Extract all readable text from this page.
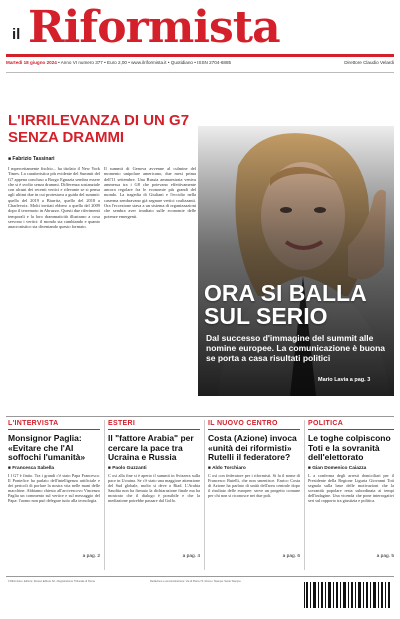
il Riformista
Martedì 18 giugno 2024 • Anno VI numero 377 • Euro 2,00 • www.ilriformista.it • Quotidiano • ISSN 2704-6885	Direttore Claudio Velardi
L'IRRILEVANZA DI UN G7 SENZA DRAMMI
■ Fabrizio Tassinari
I mpercettamente fischio... ha titolato il New York Times. La caratteristica più evidente del Summit del G7 appena concluso a Borgo Egnazia sembra essere che si è svolto senza drammi. Differenza sostanziale con alcuni dei recenti vertici e rilevante se si pensa agli ultimi due in cui protestava a guida del summit: quello del 2019 a Biarritz, quello del 2018 a Charlevoix. Molti invitati ebbero a quella del 2009 dopo il terremoto in Abruzzo. Questi due riferimenti temporali e la loro drammaticità illustrano a cosa servono i vertici: il mondo sta cambiando e quanto anacronistico sta diventando questo formato.
Il summit di Genova avvenne al culmine del momento unipolare americano, due mesi prima dell'11 settembre. Una Russia ammaestrata veniva ammessa tra i G8 che potevano effettivamente ancora regolare fra le economie più grandi del mondo. La tragedia di Giuliani e l'eccidio nella caserma sembravano già segnare vertici coalizzanti. Ora l'eccezione stava a un sistema di organizzazioni che sembra aver irradiato sulle economie delle potenze emergenti.
ORA SI BALLA SUL SERIO
Dal successo d'immagine del summit alle nomine europee. La comunicazione è buona se porta a casa risultati politici
Mario Lavia a pag. 3
L'INTERVISTA
Monsignor Paglia: «Evitare che l'AI soffochi l'umanità»
■ Francesca Sabella
I l G7 è finito. Tra i grandi c'è stato Papa Francesco. Il Pontefice ha parlato dell'intelligenza artificiale e dei pericoli di porlare la nostra vita nelle mani delle macchine. Abbiamo chiesto all'arcivescovo Vincenzo Paglia un commento sul vertice e sul messaggio del Papa: l'uomo non può delegare tutto alla tecnologia.
a pag. 2
ESTERI
Il "fattore Arabia" per cercare la pace tra Ucraina e Russia
■ Paolo Guzzanti
C osì alla fine si è aperto il summit in Svizzera sulla pace in Ucraina. Se c'è stato una maggiore attenzione del Sud globale, molto si deve a Riad. L'Arabia Saudita non ha firmato la dichiarazione finale ma ha mostrato che il dialogo è possibile e che la mediazione potrebbe passare dal Golfo.
a pag. 4
IL NUOVO CENTRO
Costa (Azione) invoca «unità dei riformisti» Rutelli il federatore?
■ Aldo Torchiaro
C osì con federatore per i riformisti. Si fa il nome di Francesco Rutelli, che non smentisce. Enrico Costa di Azione ha parlato di unità dell'area centrale dopo il risultato delle europee: serve un progetto comune per chi non si riconosce nei due poli.
a pag. 6
POLITICA
Le toghe colpiscono Toti e la sovranità dell'elettorato
■ Gian Domenico Caiazza
L a conferma degli arresti domiciliari per il Presidente della Regione Liguria Giovanni Toti segnala sulla base delle motivazioni che la sovranità popolare resta subordinata ai tempi dell'indagine. Una vicenda che pone interrogativi seri sul rapporto tra giustizia e politica.
a pag. 5
Il Riformista • Editore: Romeo Editore Srl • Registrazione Tribunale di Roma	Redazione e amministrazione: Via di Pietra 70, Roma • Stampa: Sesto Stampa
